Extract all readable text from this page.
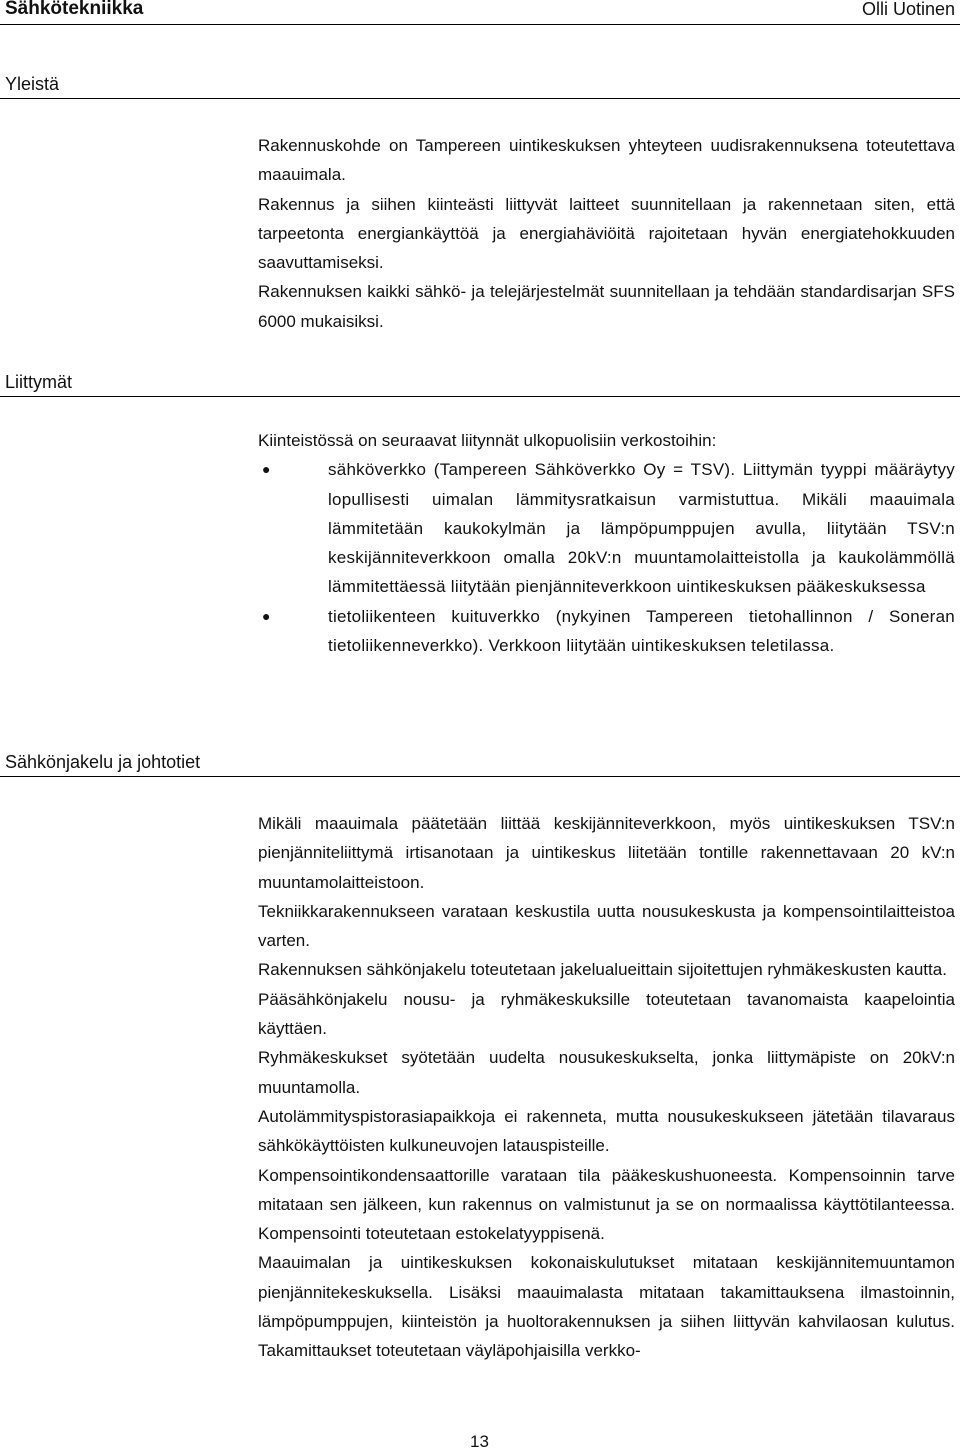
Sähkötekniikka	Olli Uotinen
Yleistä

Rakennuskohde on Tampereen uintikeskuksen yhteyteen uudisrakennuksena toteutettava maauimala.

Rakennus ja siihen kiinteästi liittyvät laitteet suunnitellaan ja rakennetaan siten, että tarpeetonta energiankäyttöä ja energiahäviöitä rajoitetaan hyvän energiatehokkuuden saavuttamiseksi.

Rakennuksen kaikki sähkö- ja telejärjestelmät suunnitellaan ja tehdään standardisarjan SFS 6000 mukaisiksi.

Liittymät

Kiinteistössä on seuraavat liitynnät ulkopuolisiin verkostoihin:

●	sähköverkko (Tampereen Sähköverkko Oy = TSV). Liittymän tyyppi määräytyy lopullisesti uimalan lämmitysratkaisun varmistuttua. Mikäli maauimala lämmitetään kaukokylmän ja lämpöpumppujen avulla, liitytään TSV:n keskijänniteverkkoon omalla 20kV:n muuntamolaitteistolla ja kaukolämmöllä lämmitettäessä liitytään pienjänniteverkkoon uintikeskuksen pääkeskuksessa
●	tietoliikenteen kuituverkko (nykyinen Tampereen tietohallinnon / Soneran tietoliikenneverkko). Verkkoon liitytään uintikeskuksen teletilassa.
Sähkönjakelu ja johtotiet

Mikäli maauimala päätetään liittää keskijänniteverkkoon, myös uintikeskuksen TSV:n pienjänniteliittymä irtisanotaan ja uintikeskus liitetään tontille rakennettavaan 20 kV:n muuntamolaitteistoon.

Tekniikkarakennukseen varataan keskustila uutta nousukeskusta ja kompensointilaitteistoa varten.

Rakennuksen sähkönjakelu toteutetaan jakelualueittain sijoitettujen ryhmäkeskusten kautta.

Pääsähkönjakelu nousu- ja ryhmäkeskuksille toteutetaan tavanomaista kaapelointia käyttäen.

Ryhmäkeskukset syötetään uudelta nousukeskukselta, jonka liittymäpiste on 20kV:n muuntamolla.

Autolämmityspistorasiapaikkoja ei rakenneta, mutta nousukeskukseen jätetään tilavaraus sähkökäyttöisten kulkuneuvojen latauspisteille.

Kompensointikondensaattorille varataan tila pääkeskushuoneesta. Kompensoinnin tarve mitataan sen jälkeen, kun rakennus on valmistunut ja se on normaalissa käyttötilanteessa. Kompensointi toteutetaan estokelatyyppisenä.

Maauimalan ja uintikeskuksen kokonaiskulutukset mitataan keskijännitemuuntamon pienjännitekeskuksella. Lisäksi maauimalasta mitataan takamittauksena ilmastoinnin, lämpöpumppujen, kiinteistön ja huoltorakennuksen ja siihen liittyvän kahvilaosan kulutus. Takamittaukset toteutetaan väyläpohjaisilla verkko-

13
